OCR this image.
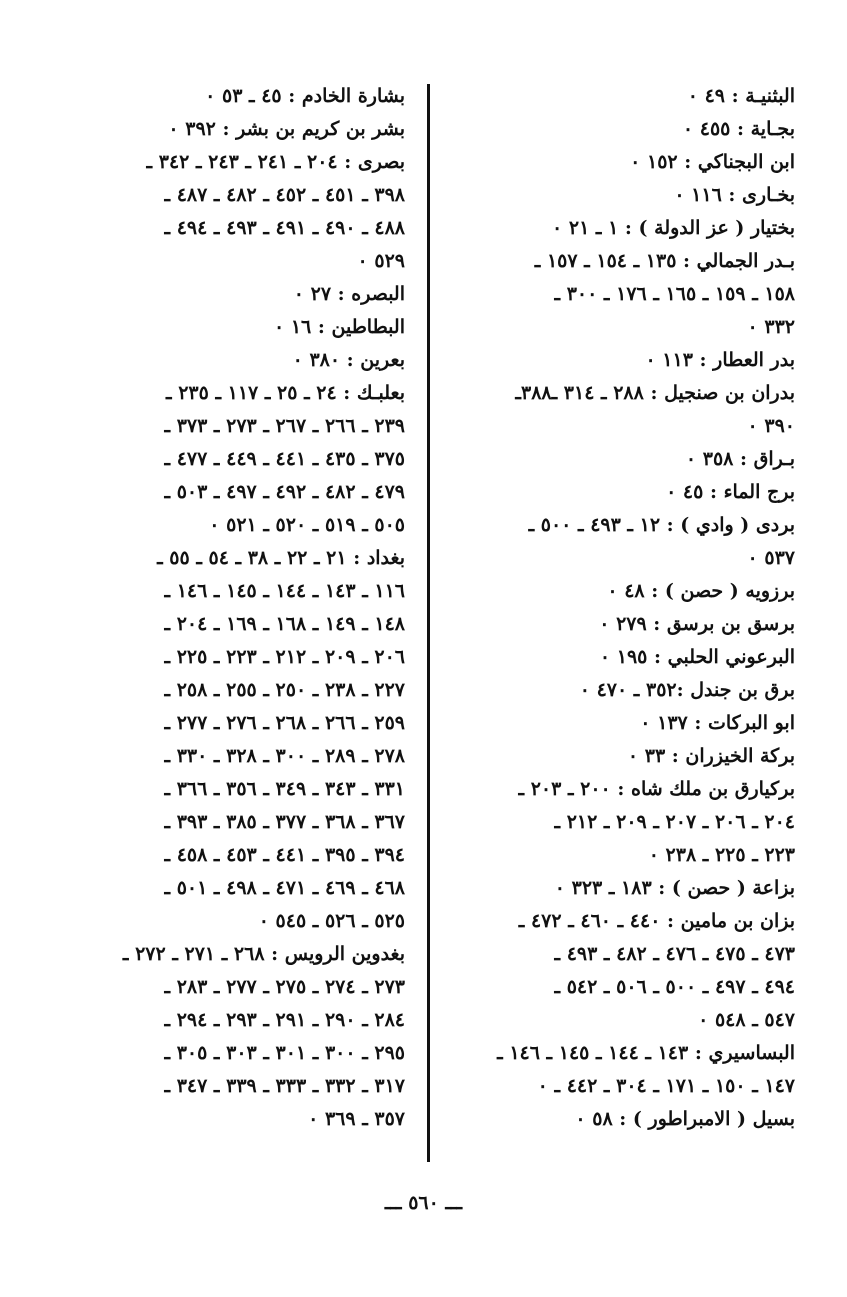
البثنيـة : ٤٩ ٠
بجـاية : ٤٥٥ ٠
ابن البجناكي : ١٥٢ ٠
بخـارى : ١١٦ ٠
بختيار ( عز الدولة ) : ١ ـ ٢١ ٠
بـدر الجمالي : ١٣٥ ـ ١٥٤ ـ ١٥٧ ـ
١٥٨ ـ ١٥٩ ـ ١٦٥ ـ ١٧٦ ـ ٣٠٠ ـ
٣٣٢ ٠
بدر العطار : ١١٣ ٠
بدران بن صنجيل : ٢٨٨ ـ ٣١٤ ـ٣٨٨ـ
٣٩٠ ٠
بـراق : ٣٥٨ ٠
برج الماء : ٤٥ ٠
بردى ( وادي ) : ١٢ ـ ٤٩٣ ـ ٥٠٠ ـ
٥٣٧ ٠
برزويه ( حصن ) : ٤٨ ٠
برسق بن برسق : ٢٧٩ ٠
البرعوني الحلبي : ١٩٥ ٠
برق بن جندل :٣٥٢ ـ ٤٧٠ ٠
ابو البركات : ١٣٧ ٠
بركة الخيزران : ٣٣ ٠
بركيارق بن ملك شاه : ٢٠٠ ـ ٢٠٣ ـ
٢٠٤ ـ ٢٠٦ ـ ٢٠٧ ـ ٢٠٩ ـ ٢١٢ ـ
٢٢٣ ـ ٢٢٥ ـ ٢٣٨ ٠
بزاعة ( حصن ) : ١٨٣ ـ ٣٢٣ ٠
بزان بن مامين : ٤٤٠ ـ ٤٦٠ ـ ٤٧٢ ـ
٤٧٣ ـ ٤٧٥ ـ ٤٧٦ ـ ٤٨٢ ـ ٤٩٣ ـ
٤٩٤ ـ ٤٩٧ ـ ٥٠٠ ـ ٥٠٦ ـ ٥٤٢ ـ
٥٤٧ ـ ٥٤٨ ٠
البساسيري : ١٤٣ ـ ١٤٤ ـ ١٤٥ ـ ١٤٦ ـ
١٤٧ ـ ١٥٠ ـ ١٧١ ـ ٣٠٤ ـ ٤٤٢ ـ ٠
بسيل ( الامبراطور ) : ٥٨ ٠
بشارة الخادم : ٤٥ ـ ٥٣ ٠
بشر بن كريم بن بشر : ٣٩٢ ٠
بصرى : ٢٠٤ ـ ٢٤١ ـ ٢٤٣ ـ ٣٤٢ ـ
٣٩٨ ـ ٤٥١ ـ ٤٥٢ ـ ٤٨٢ ـ ٤٨٧ ـ
٤٨٨ ـ ٤٩٠ ـ ٤٩١ ـ ٤٩٣ ـ ٤٩٤ ـ
٥٢٩ ٠
البصره : ٢٧ ٠
البطاطين : ١٦ ٠
بعرين : ٣٨٠ ٠
بعلبـك : ٢٤ ـ ٢٥ ـ ١١٧ ـ ٢٣٥ ـ
٢٣٩ ـ ٢٦٦ ـ ٢٦٧ ـ ٢٧٣ ـ ٣٧٣ ـ
٣٧٥ ـ ٤٣٥ ـ ٤٤١ ـ ٤٤٩ ـ ٤٧٧ ـ
٤٧٩ ـ ٤٨٢ ـ ٤٩٢ ـ ٤٩٧ ـ ٥٠٣ ـ
٥٠٥ ـ ٥١٩ ـ ٥٢٠ ـ ٥٢١ ٠
بغداد : ٢١ ـ ٢٢ ـ ٣٨ ـ ٥٤ ـ ٥٥ ـ
١١٦ ـ ١٤٣ ـ ١٤٤ ـ ١٤٥ ـ ١٤٦ ـ
١٤٨ ـ ١٤٩ ـ ١٦٨ ـ ١٦٩ ـ ٢٠٤ ـ
٢٠٦ ـ ٢٠٩ ـ ٢١٢ ـ ٢٢٣ ـ ٢٢٥ ـ
٢٢٧ ـ ٢٣٨ ـ ٢٥٠ ـ ٢٥٥ ـ ٢٥٨ ـ
٢٥٩ ـ ٢٦٦ ـ ٢٦٨ ـ ٢٧٦ ـ ٢٧٧ ـ
٢٧٨ ـ ٢٨٩ ـ ٣٠٠ ـ ٣٢٨ ـ ٣٣٠ ـ
٣٣١ ـ ٣٤٣ ـ ٣٤٩ ـ ٣٥٦ ـ ٣٦٦ ـ
٣٦٧ ـ ٣٦٨ ـ ٣٧٧ ـ ٣٨٥ ـ ٣٩٣ ـ
٣٩٤ ـ ٣٩٥ ـ ٤٤١ ـ ٤٥٣ ـ ٤٥٨ ـ
٤٦٨ ـ ٤٦٩ ـ ٤٧١ ـ ٤٩٨ ـ ٥٠١ ـ
٥٢٥ ـ ٥٢٦ ـ ٥٤٥ ٠
بغدوين الرويس : ٢٦٨ ـ ٢٧١ ـ ٢٧٢ ـ
٢٧٣ ـ ٢٧٤ ـ ٢٧٥ ـ ٢٧٧ ـ ٢٨٣ ـ
٢٨٤ ـ ٢٩٠ ـ ٢٩١ ـ ٢٩٣ ـ ٢٩٤ ـ
٢٩٥ ـ ٣٠٠ ـ ٣٠١ ـ ٣٠٣ ـ ٣٠٥ ـ
٣١٧ ـ ٣٣٢ ـ ٣٣٣ ـ ٣٣٩ ـ ٣٤٧ ـ
٣٥٧ ـ ٣٦٩ ٠
ـــ ٥٦٠ ـــ
